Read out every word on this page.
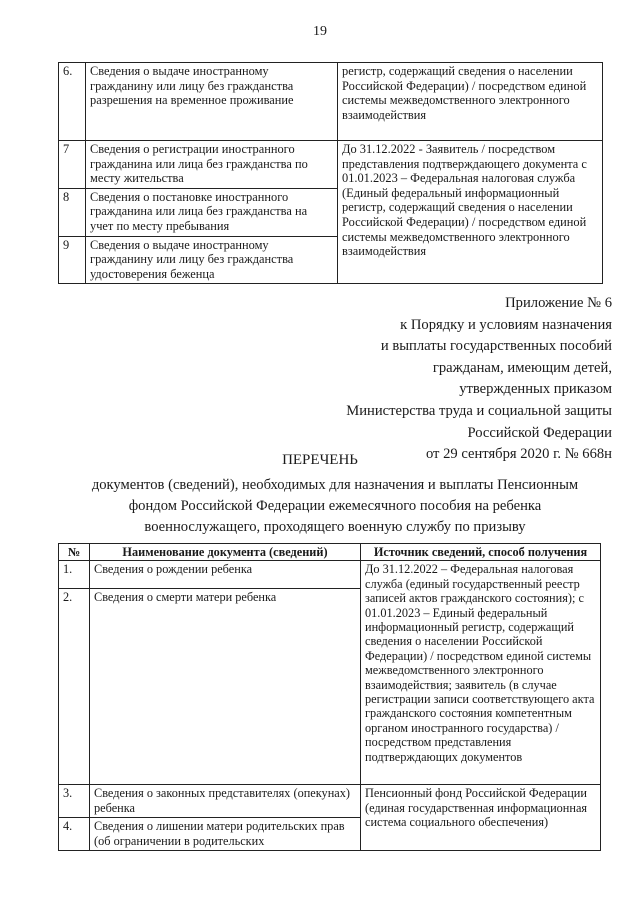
19
6.	Сведения о выдаче иностранному гражданину или лицу без гражданства разрешения на временное проживание	регистр, содержащий сведения о населении Российской Федерации) / посредством единой системы межведомственного электронного взаимодействия
7	Сведения о регистрации иностранного гражданина или лица без гражданства по месту жительства	До 31.12.2022 - Заявитель / посредством представления подтверждающего документа с 01.01.2023 – Федеральная налоговая служба (Единый федеральный информационный регистр, содержащий сведения о населении Российской Федерации) / посредством единой системы межведомственного электронного взаимодействия
8	Сведения о постановке иностранного гражданина или лица без гражданства на учет по месту пребывания	
9	Сведения о выдаче иностранному гражданину или лицу без гражданства удостоверения беженца	
Приложение № 6
к Порядку и условиям назначения
и выплаты государственных пособий
гражданам, имеющим детей,
утвержденных приказом
Министерства труда и социальной защиты
Российской Федерации
от 29 сентября 2020 г. № 668н
ПЕРЕЧЕНЬ
документов (сведений), необходимых для назначения и выплаты Пенсионным
фондом Российской Федерации ежемесячного пособия на ребенка
военнослужащего, проходящего военную службу по призыву
№	Наименование документа (сведений)	Источник сведений, способ получения
1.	Сведения о рождении ребенка	До 31.12.2022 – Федеральная налоговая служба (единый государственный реестр записей актов гражданского состояния); с 01.01.2023 – Единый федеральный информационный регистр, содержащий сведения о населении Российской Федерации) / посредством единой системы межведомственного электронного взаимодействия; заявитель (в случае регистрации записи соответствующего акта гражданского состояния компетентным органом иностранного государства) / посредством представления подтверждающих документов
2.	Сведения о смерти матери ребенка	
3.	Сведения о законных представителях (опекунах) ребенка	Пенсионный фонд Российской Федерации (единая государственная информационная система социального обеспечения)
4.	Сведения о лишении матери родительских прав (об ограничении в родительских	
